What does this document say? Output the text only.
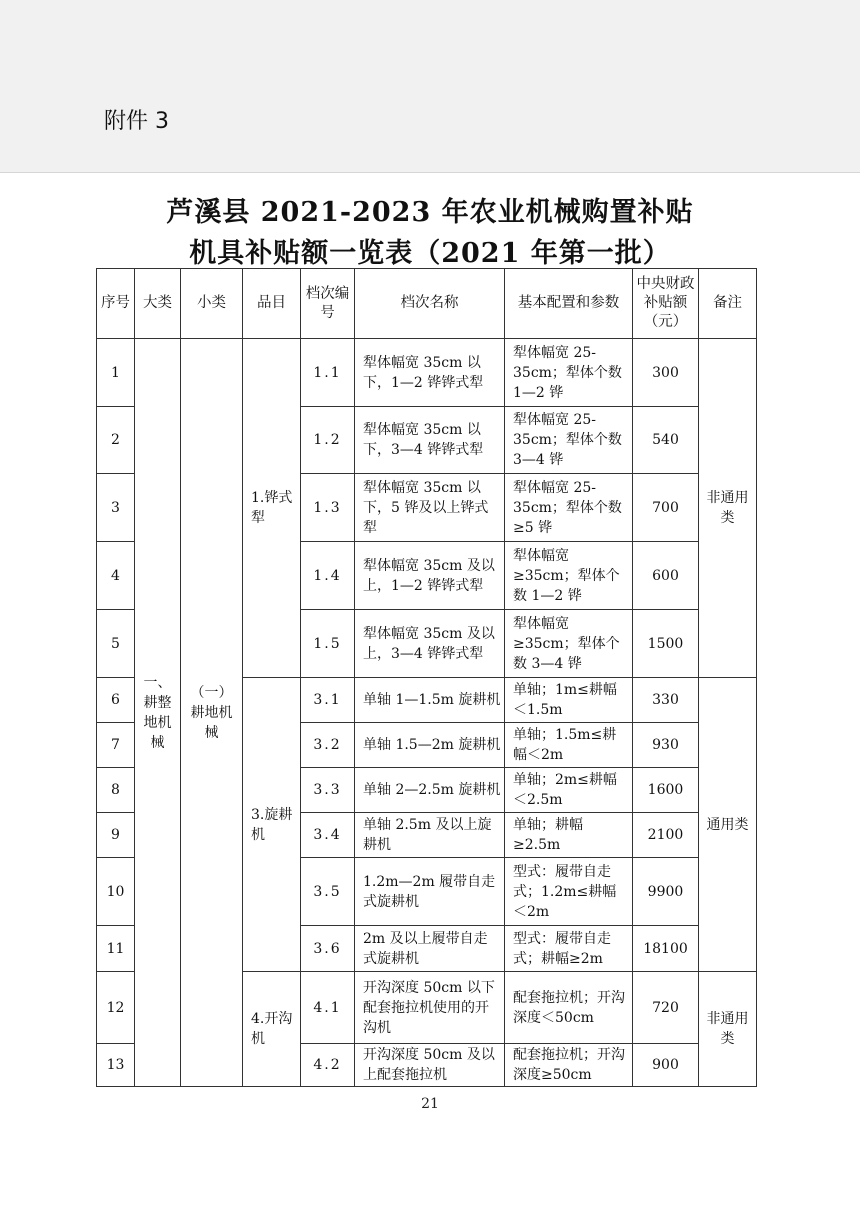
附件 3
芦溪县 2021-2023 年农业机械购置补贴
机具补贴额一览表（2021 年第一批）
序号	大类	小类	品目	档次编号	档次名称	基本配置和参数	中央财政补贴额（元）	备注
1	一、耕整地机械	（一）耕地机械	1.铧式犁	1.1	犁体幅宽 35cm 以下，1—2 铧铧式犁	犁体幅宽 25-35cm；犁体个数 1—2 铧	300	非通用类
2				1.2	犁体幅宽 35cm 以下，3—4 铧铧式犁	犁体幅宽 25-35cm；犁体个数 3—4 铧	540	
3				1.3	犁体幅宽 35cm 以下，5 铧及以上铧式犁	犁体幅宽 25-35cm；犁体个数≥5 铧	700	
4				1.4	犁体幅宽 35cm 及以上，1—2 铧铧式犁	犁体幅宽≥35cm；犁体个数 1—2 铧	600	
5				1.5	犁体幅宽 35cm 及以上，3—4 铧铧式犁	犁体幅宽≥35cm；犁体个数 3—4 铧	1500	
6			3.旋耕机	3.1	单轴 1—1.5m 旋耕机	单轴；1m≤耕幅＜1.5m	330	通用类
7				3.2	单轴 1.5—2m 旋耕机	单轴；1.5m≤耕幅＜2m	930	
8				3.3	单轴 2—2.5m 旋耕机	单轴；2m≤耕幅＜2.5m	1600	
9				3.4	单轴 2.5m 及以上旋耕机	单轴；耕幅≥2.5m	2100	
10				3.5	1.2m—2m 履带自走式旋耕机	型式：履带自走式；1.2m≤耕幅＜2m	9900	
11				3.6	2m 及以上履带自走式旋耕机	型式：履带自走式；耕幅≥2m	18100	
12			4.开沟机	4.1	开沟深度 50cm 以下配套拖拉机使用的开沟机	配套拖拉机；开沟深度＜50cm	720	非通用类
13				4.2	开沟深度 50cm 及以上配套拖拉机	配套拖拉机；开沟深度≥50cm	900	
21
